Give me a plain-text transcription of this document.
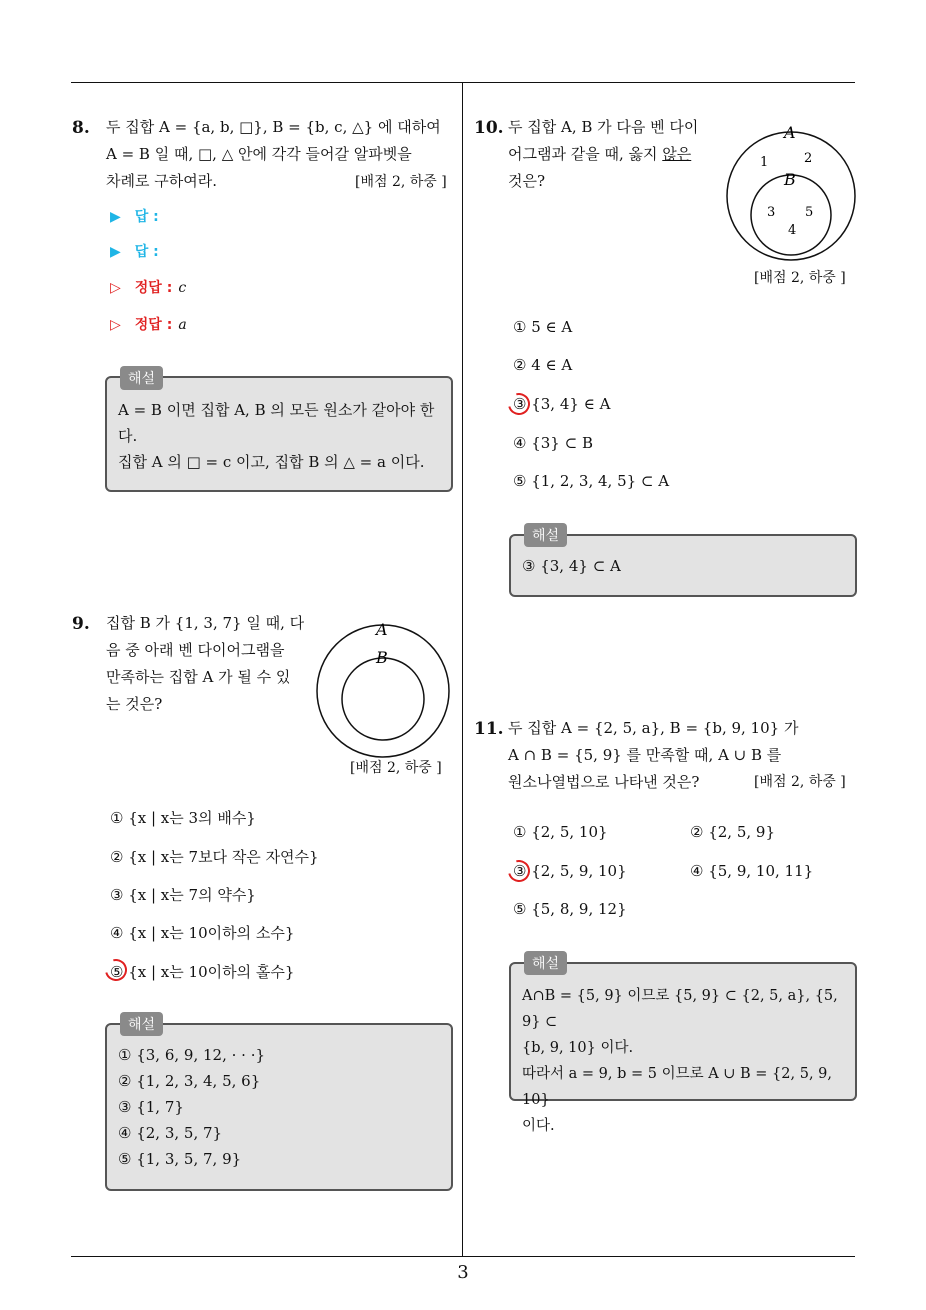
3
8. 두 집합 A = {a, b, □}, B = {b, c, △} 에 대하여

A = B 일 때, □, △ 안에 각각 들어갈 알파벳을

차례로 구하여라.	[배점 2, 하중 ]
▶ 답 :
▶ 답 :
▷ 정답 : c
▷ 정답 : a
해설

A = B 이면 집합 A, B 의 모든 원소가 같아야 한

다.

집합 A 의 □ = c 이고, 집합 B 의 △ = a 이다.

9. 집합 B 가 {1, 3, 7} 일 때, 다

음 중 아래 벤 다이어그램을

만족하는 집합 A 가 될 수 있

는 것은?

A
B
[배점 2, 하중 ]
① {x | x는 3의 배수}
② {x | x는 7보다 작은 자연수}
③ {x | x는 7의 약수}
④ {x | x는 10이하의 소수}
⑤ {x | x는 10이하의 홀수}
해설

① {3, 6, 9, 12, · · ·}

② {1, 2, 3, 4, 5, 6}

③ {1, 7}

④ {2, 3, 5, 7}

⑤ {1, 3, 5, 7, 9}

10. 두 집합 A, B 가 다음 벤 다이

어그램과 같을 때, 옳지 않은

것은?

A
B
1	2
3 5
4
[배점 2, 하중 ]
① 5 ∈ A
② 4 ∈ A
③ {3, 4} ∈ A
④ {3} ⊂ B
⑤ {1, 2, 3, 4, 5} ⊂ A
해설

③ {3, 4} ⊂ A

11. 두 집합 A = {2, 5, a}, B = {b, 9, 10} 가

A ∩ B = {5, 9} 를 만족할 때, A ∪ B 를

원소나열법으로 나타낸 것은?	[배점 2, 하중 ]
① {2, 5, 10}	② {2, 5, 9}
③ {2, 5, 9, 10}	④ {5, 9, 10, 11}
⑤ {5, 8, 9, 12}
해설

A∩B = {5, 9} 이므로 {5, 9} ⊂ {2, 5, a}, {5, 9} ⊂

{b, 9, 10} 이다.

따라서 a = 9, b = 5 이므로 A ∪ B = {2, 5, 9, 10}

이다.
